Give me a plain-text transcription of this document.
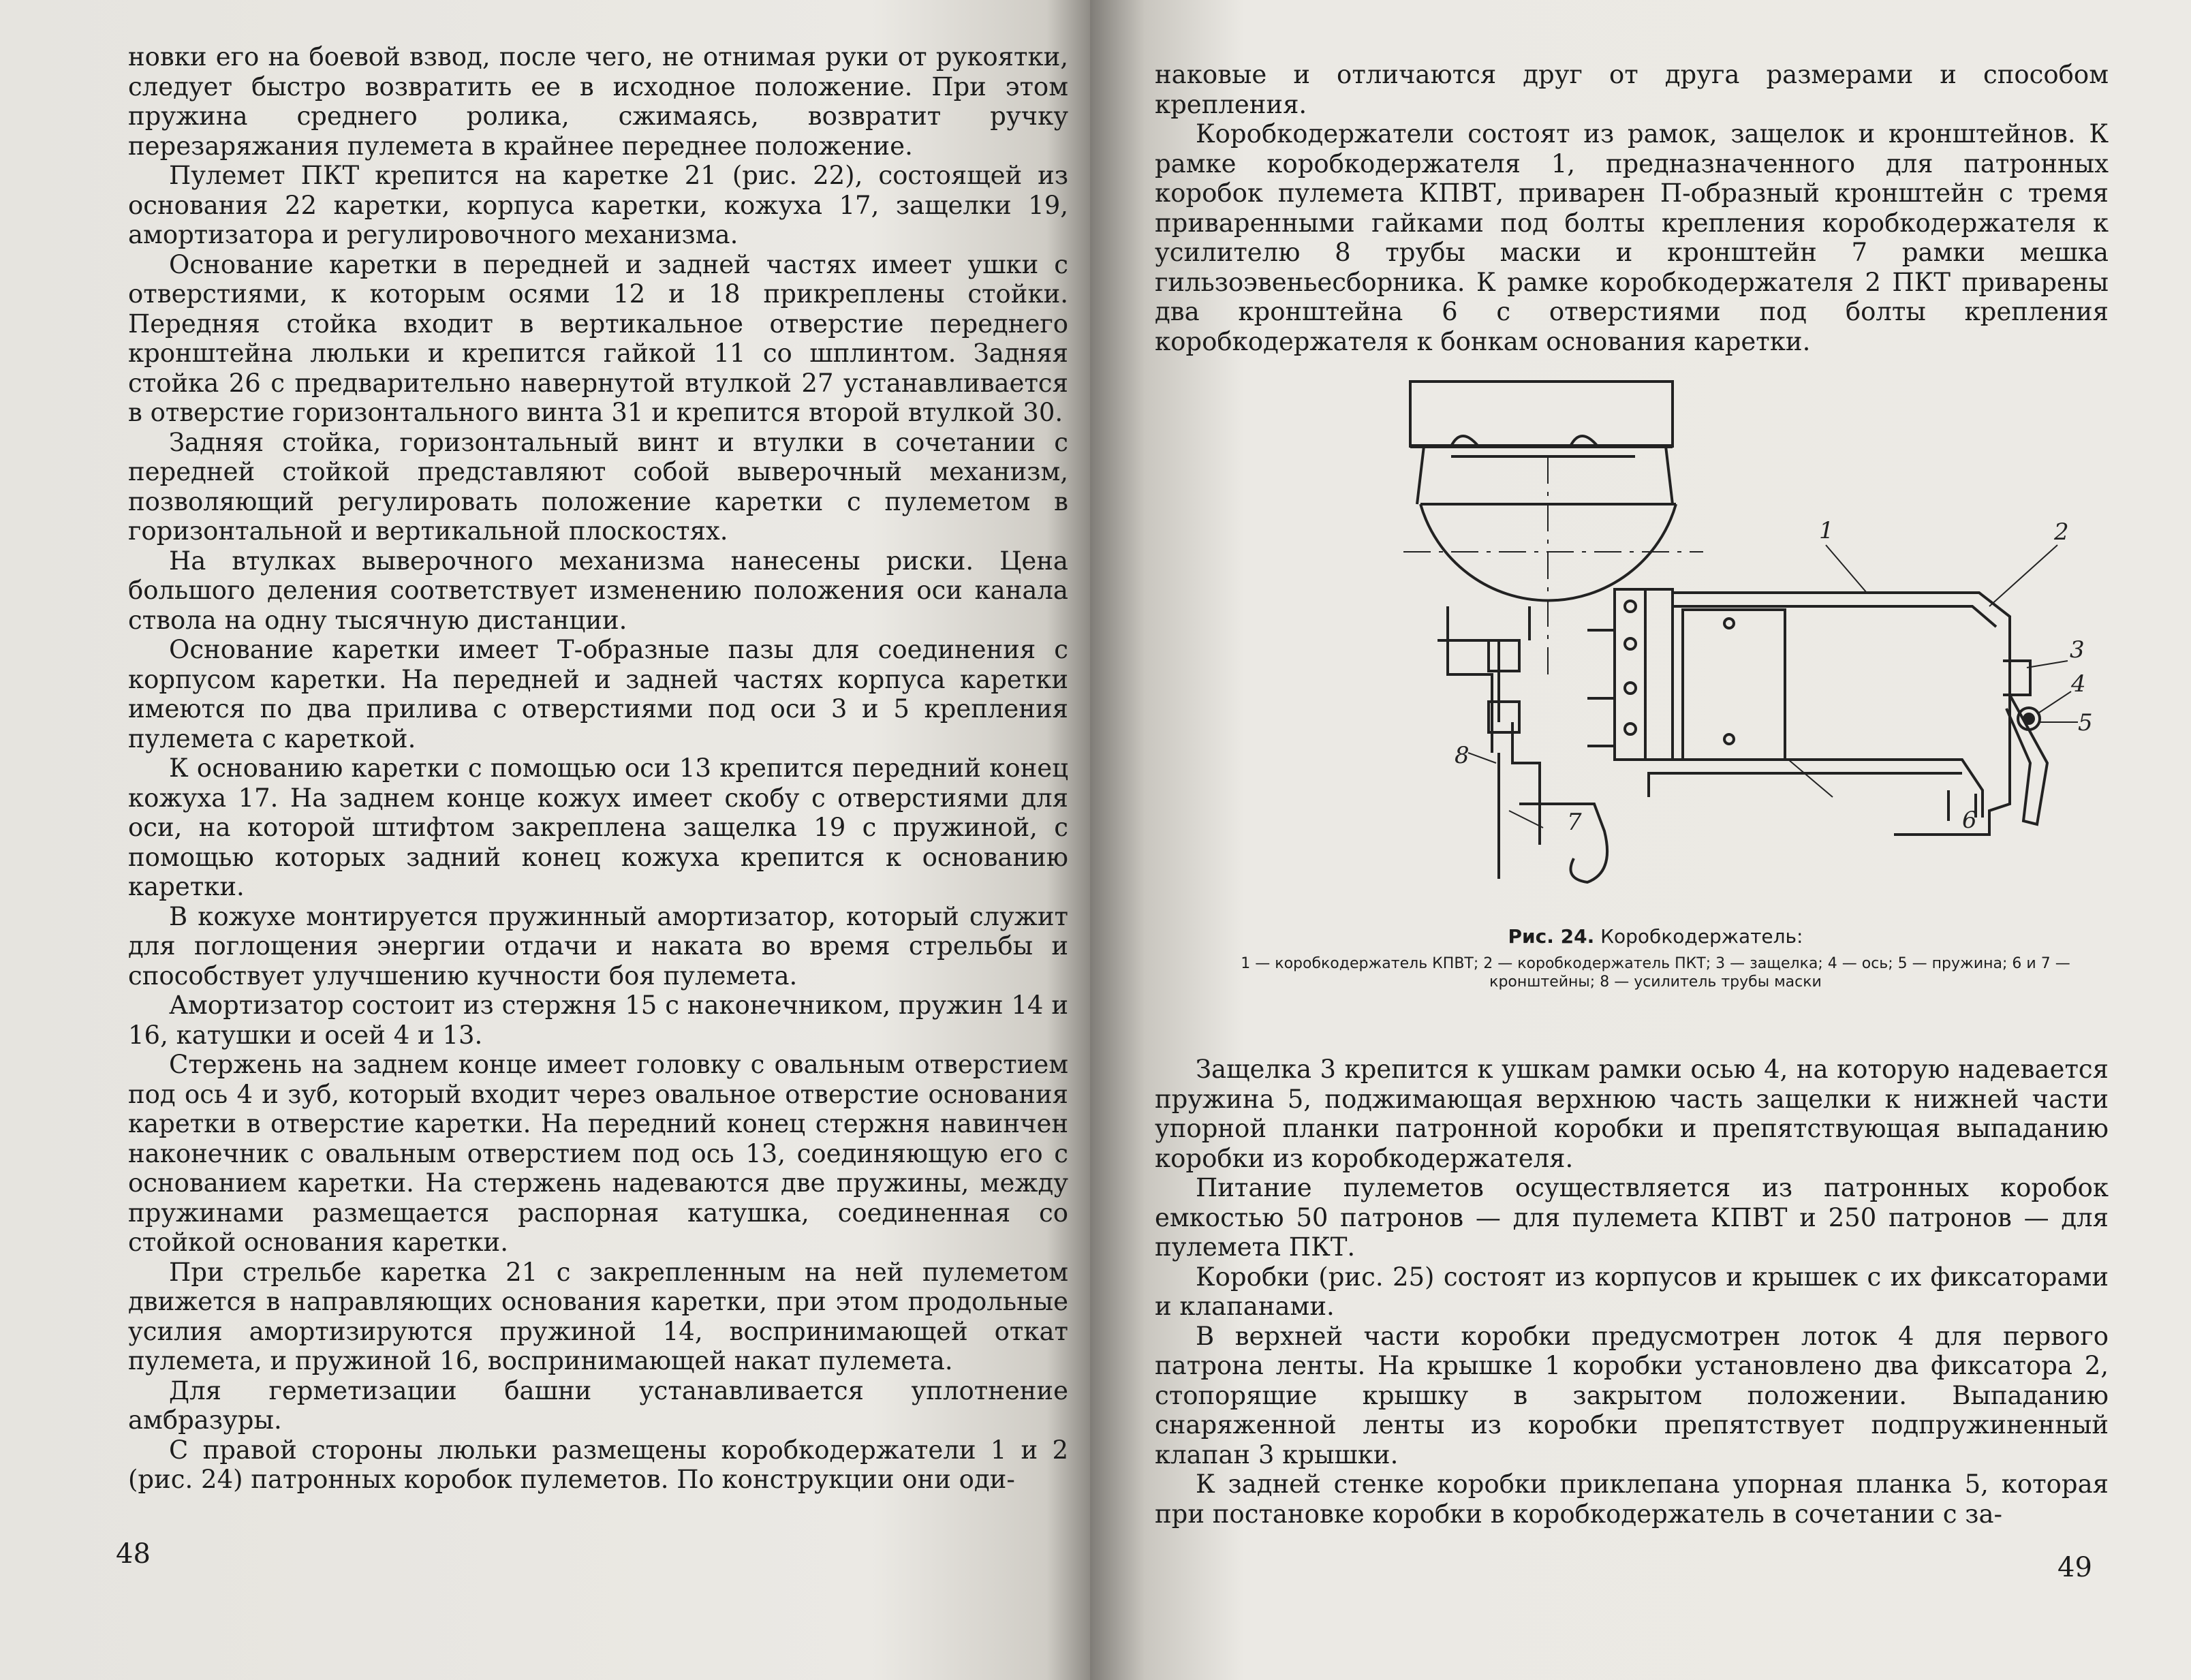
новки его на боевой взвод, после чего, не отнимая руки от рукоятки, следует быстро возвратить ее в исходное положение. При этом пружина среднего ролика, сжимаясь, возвратит ручку перезаряжания пулемета в крайнее переднее положение.

Пулемет ПКТ крепится на каретке 21 (рис. 22), состоящей из основания 22 каретки, корпуса каретки, кожуха 17, защелки 19, амортизатора и регулировочного механизма.

Основание каретки в передней и задней частях имеет ушки с отверстиями, к которым осями 12 и 18 прикреплены стойки. Передняя стойка входит в вертикальное отверстие переднего кронштейна люльки и крепится гайкой 11 со шплинтом. Задняя стойка 26 с предварительно навернутой втулкой 27 устанавливается в отверстие горизонтального винта 31 и крепится второй втулкой 30.

Задняя стойка, горизонтальный винт и втулки в сочетании с передней стойкой представляют собой выверочный механизм, позволяющий регулировать положение каретки с пулеметом в горизонтальной и вертикальной плоскостях.

На втулках выверочного механизма нанесены риски. Цена большого деления соответствует изменению положения оси канала ствола на одну тысячную дистанции.

Основание каретки имеет Т-образные пазы для соединения с корпусом каретки. На передней и задней частях корпуса каретки имеются по два прилива с отверстиями под оси 3 и 5 крепления пулемета с кареткой.

К основанию каретки с помощью оси 13 крепится передний конец кожуха 17. На заднем конце кожух имеет скобу с отверстиями для оси, на которой штифтом закреплена защелка 19 с пружиной, с помощью которых задний конец кожуха крепится к основанию каретки.

В кожухе монтируется пружинный амортизатор, который служит для поглощения энергии отдачи и наката во время стрельбы и способствует улучшению кучности боя пулемета.

Амортизатор состоит из стержня 15 с наконечником, пружин 14 и 16, катушки и осей 4 и 13.

Стержень на заднем конце имеет головку с овальным отверстием под ось 4 и зуб, который входит через овальное отверстие основания каретки в отверстие каретки. На передний конец стержня навинчен наконечник с овальным отверстием под ось 13, соединяющую его с основанием каретки. На стержень надеваются две пружины, между пружинами размещается распорная катушка, соединенная со стойкой основания каретки.

При стрельбе каретка 21 с закрепленным на ней пулеметом движется в направляющих основания каретки, при этом продольные усилия амортизируются пружиной 14, воспринимающей откат пулемета, и пружиной 16, воспринимающей накат пулемета.

Для герметизации башни устанавливается уплотнение амбразуры.

С правой стороны люльки размещены коробкодержатели 1 и 2 (рис. 24) патронных коробок пулеметов. По конструкции они оди-

48

наковые и отличаются друг от друга размерами и способом крепления.

Коробкодержатели состоят из рамок, защелок и кронштейнов. К рамке коробкодержателя 1, предназначенного для патронных коробок пулемета КПВТ, приварен П-образный кронштейн с тремя приваренными гайками под болты крепления коробкодержателя к усилителю 8 трубы маски и кронштейн 7 рамки мешка гильзоэвеньесборника. К рамке коробкодержателя 2 ПКТ приварены два кронштейна 6 с отверстиями под болты крепления коробкодержателя к бонкам основания каретки.

1	2
3
4
5
6
7
8
Рис. 24. Коробкодержатель:
1 — коробкодержатель КПВТ; 2 — коробкодержатель ПКТ; 3 — защелка; 4 — ось; 5 — пружина; 6 и 7 — кронштейны; 8 — усилитель трубы маски

Защелка 3 крепится к ушкам рамки осью 4, на которую надевается пружина 5, поджимающая верхнюю часть защелки к нижней части упорной планки патронной коробки и препятствующая выпаданию коробки из коробкодержателя.

Питание пулеметов осуществляется из патронных коробок емкостью 50 патронов — для пулемета КПВТ и 250 патронов — для пулемета ПКТ.

Коробки (рис. 25) состоят из корпусов и крышек с их фиксаторами и клапанами.

В верхней части коробки предусмотрен лоток 4 для первого патрона ленты. На крышке 1 коробки установлено два фиксатора 2, стопорящие крышку в закрытом положении. Выпаданию снаряженной ленты из коробки препятствует подпружиненный клапан 3 крышки.

К задней стенке коробки приклепана упорная планка 5, которая при постановке коробки в коробкодержатель в сочетании с за-

49
